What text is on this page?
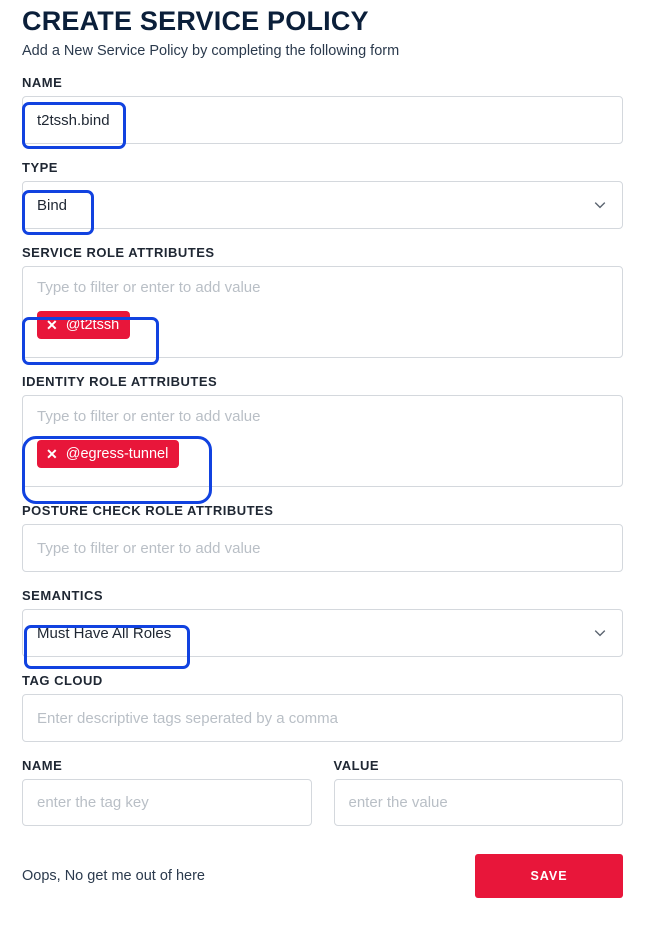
CREATE SERVICE POLICY

Add a New Service Policy by completing the following form

NAME
t2tssh.bind
TYPE
Bind
SERVICE ROLE ATTRIBUTES
Type to filter or enter to add value
✕ @t2tssh
IDENTITY ROLE ATTRIBUTES
Type to filter or enter to add value
✕ @egress-tunnel
POSTURE CHECK ROLE ATTRIBUTES
Type to filter or enter to add value
SEMANTICS
Must Have All Roles
TAG CLOUD
Enter descriptive tags seperated by a comma
NAME
enter the tag key
VALUE
enter the value
Oops, No get me out of here	SAVE
